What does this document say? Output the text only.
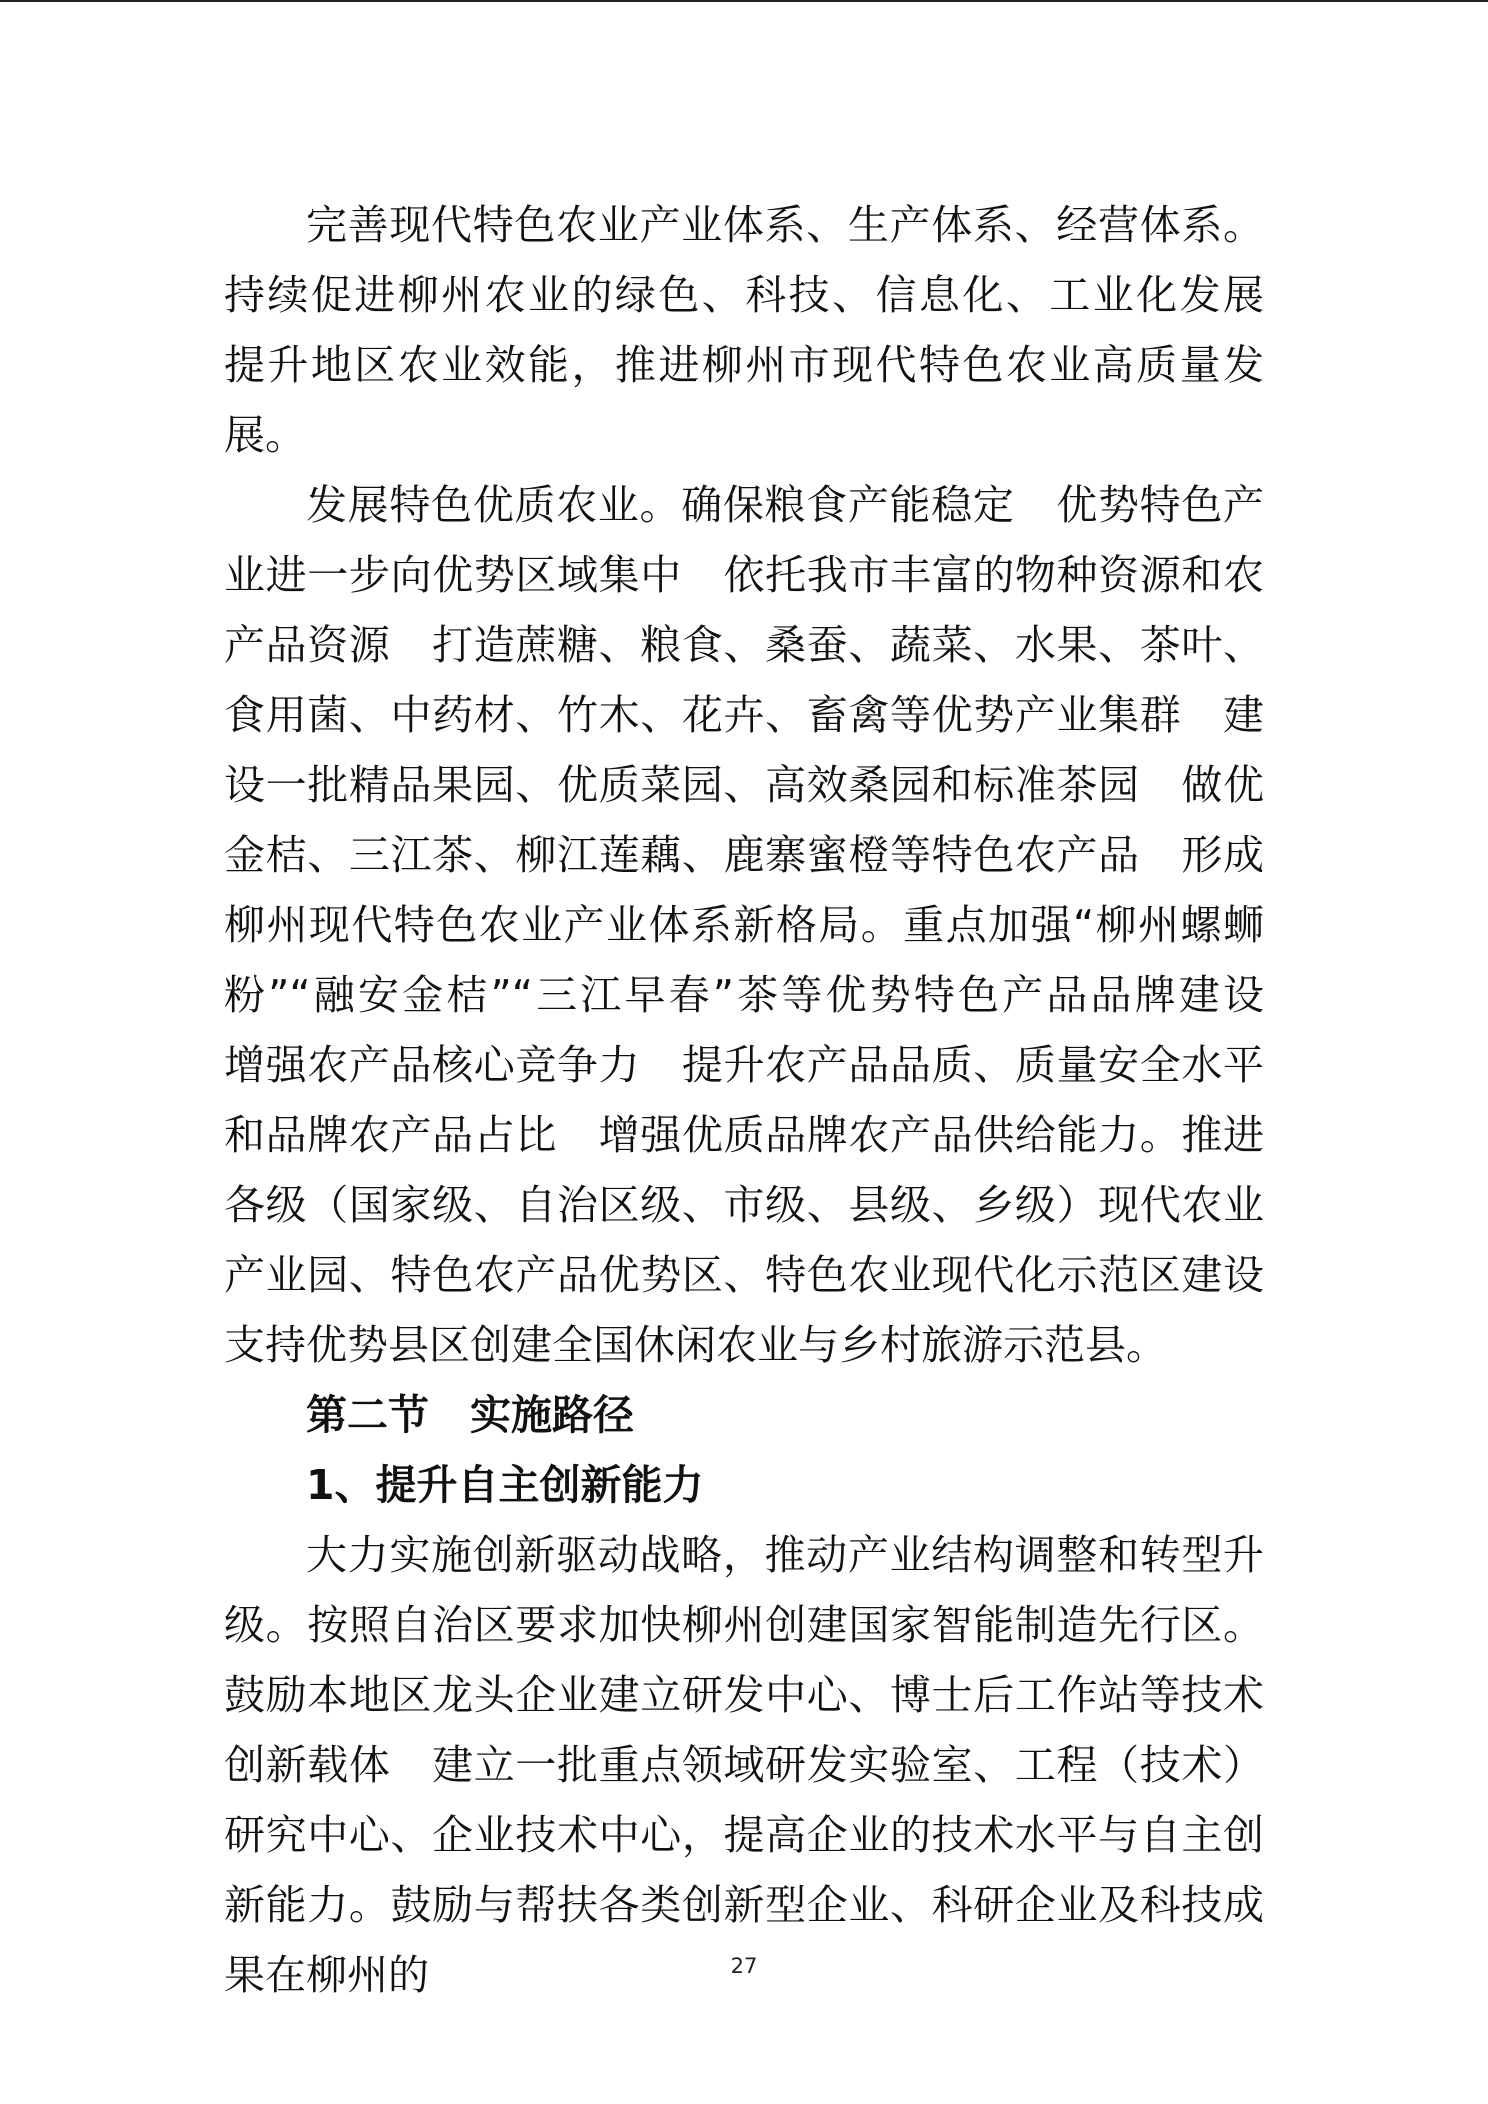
完善现代特色农业产业体系、生产体系、经营体系。持续促进柳州农业的绿色、科技、信息化、工业化发展　提升地区农业效能，推进柳州市现代特色农业高质量发展。

发展特色优质农业。确保粮食产能稳定　优势特色产业进一步向优势区域集中　依托我市丰富的物种资源和农产品资源　打造蔗糖、粮食、桑蚕、蔬菜、水果、茶叶、食用菌、中药材、竹木、花卉、畜禽等优势产业集群　建设一批精品果园、优质菜园、高效桑园和标准茶园　做优金桔、三江茶、柳江莲藕、鹿寨蜜橙等特色农产品　形成柳州现代特色农业产业体系新格局。重点加强“柳州螺蛳粉”“融安金桔”“三江早春”茶等优势特色产品品牌建设　增强农产品核心竞争力　提升农产品品质、质量安全水平和品牌农产品占比　增强优质品牌农产品供给能力。推进各级（国家级、自治区级、市级、县级、乡级）现代农业产业园、特色农产品优势区、特色农业现代化示范区建设　支持优势县区创建全国休闲农业与乡村旅游示范县。

第二节　实施路径

1、提升自主创新能力

大力实施创新驱动战略，推动产业结构调整和转型升级。按照自治区要求加快柳州创建国家智能制造先行区。鼓励本地区龙头企业建立研发中心、博士后工作站等技术创新载体　建立一批重点领域研发实验室、工程（技术）研究中心、企业技术中心，提高企业的技术水平与自主创新能力。鼓励与帮扶各类创新型企业、科研企业及科技成果在柳州的	27
